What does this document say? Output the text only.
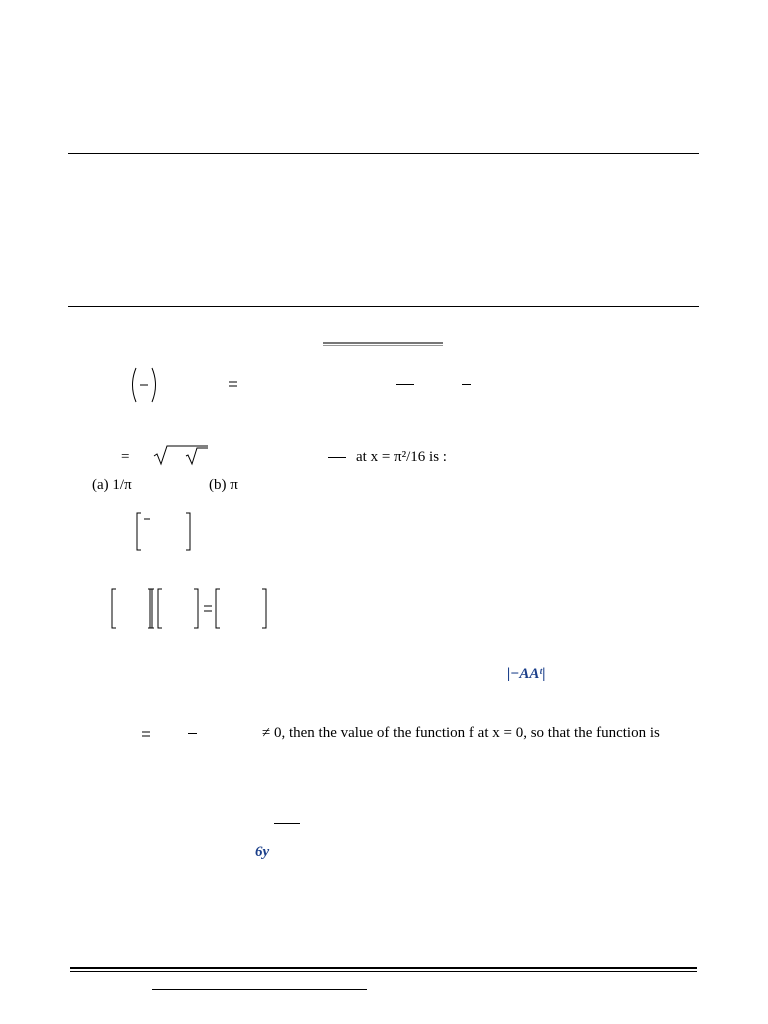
=	at x = π²/16 is :
(a) 1/π	(b) π
|−AAᵗ|
≠ 0, then the value of the function f at x = 0, so that the function is
6y
